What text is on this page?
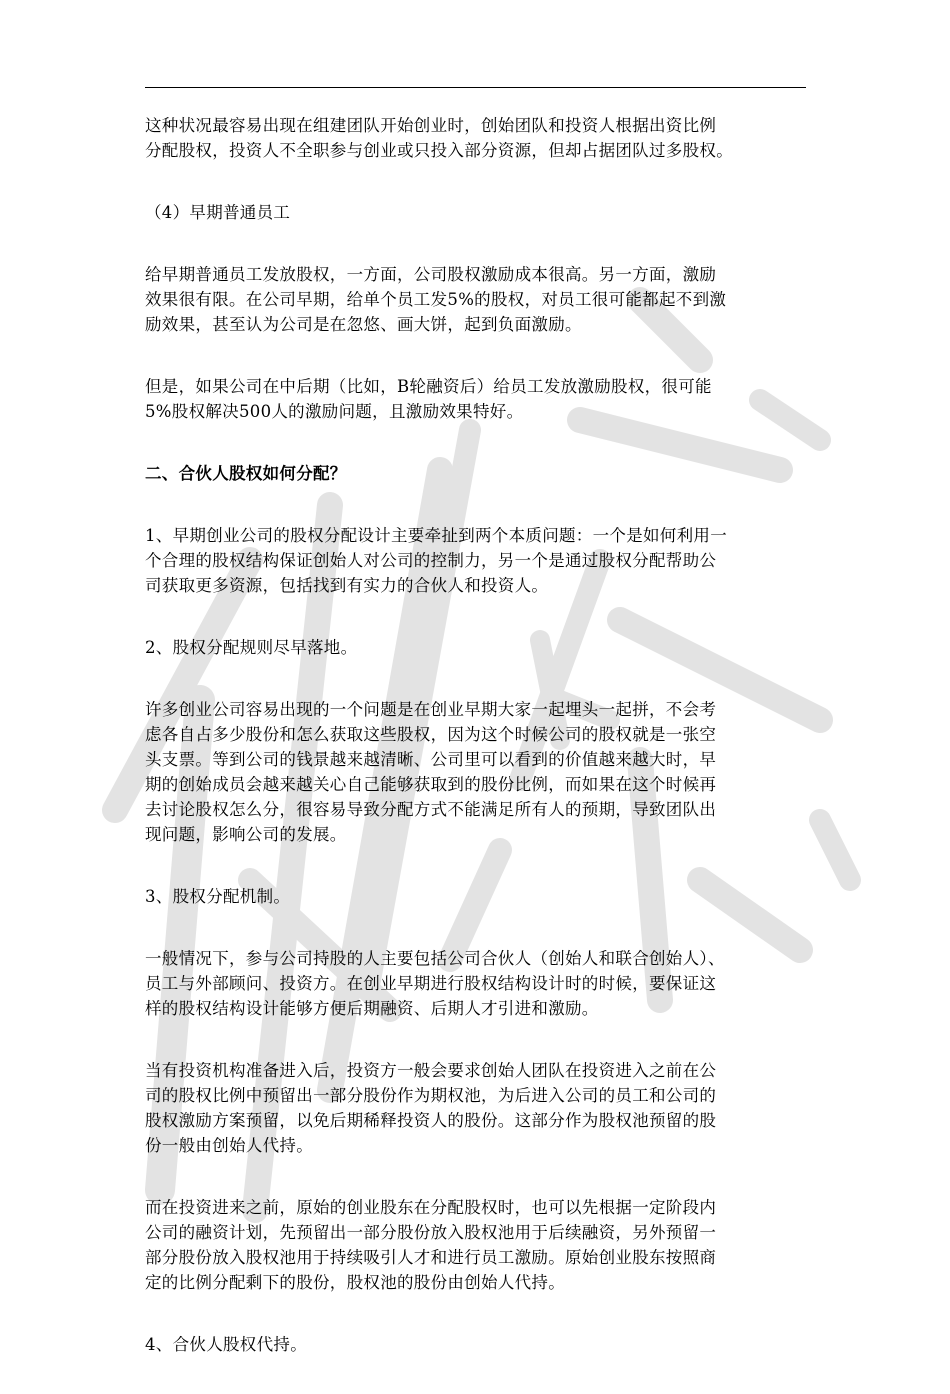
这种状况最容易出现在组建团队开始创业时，创始团队和投资人根据出资比例
分配股权，投资人不全职参与创业或只投入部分资源，但却占据团队过多股权。

（4）早期普通员工

给早期普通员工发放股权，一方面，公司股权激励成本很高。另一方面，激励
效果很有限。在公司早期，给单个员工发5%的股权，对员工很可能都起不到激
励效果，甚至认为公司是在忽悠、画大饼，起到负面激励。

但是，如果公司在中后期（比如，B轮融资后）给员工发放激励股权，很可能
5%股权解决500人的激励问题，且激励效果特好。

二、合伙人股权如何分配？

1、早期创业公司的股权分配设计主要牵扯到两个本质问题：一个是如何利用一
个合理的股权结构保证创始人对公司的控制力，另一个是通过股权分配帮助公
司获取更多资源，包括找到有实力的合伙人和投资人。

2、股权分配规则尽早落地。

许多创业公司容易出现的一个问题是在创业早期大家一起埋头一起拼，不会考
虑各自占多少股份和怎么获取这些股权，因为这个时候公司的股权就是一张空
头支票。等到公司的钱景越来越清晰、公司里可以看到的价值越来越大时，早
期的创始成员会越来越关心自己能够获取到的股份比例，而如果在这个时候再
去讨论股权怎么分，很容易导致分配方式不能满足所有人的预期，导致团队出
现问题，影响公司的发展。

3、股权分配机制。

一般情况下，参与公司持股的人主要包括公司合伙人（创始人和联合创始人）、
员工与外部顾问、投资方。在创业早期进行股权结构设计时的时候，要保证这
样的股权结构设计能够方便后期融资、后期人才引进和激励。

当有投资机构准备进入后，投资方一般会要求创始人团队在投资进入之前在公
司的股权比例中预留出一部分股份作为期权池，为后进入公司的员工和公司的
股权激励方案预留，以免后期稀释投资人的股份。这部分作为股权池预留的股
份一般由创始人代持。

而在投资进来之前，原始的创业股东在分配股权时，也可以先根据一定阶段内
公司的融资计划，先预留出一部分股份放入股权池用于后续融资，另外预留一
部分股份放入股权池用于持续吸引人才和进行员工激励。原始创业股东按照商
定的比例分配剩下的股份，股权池的股份由创始人代持。

4、合伙人股权代持。
